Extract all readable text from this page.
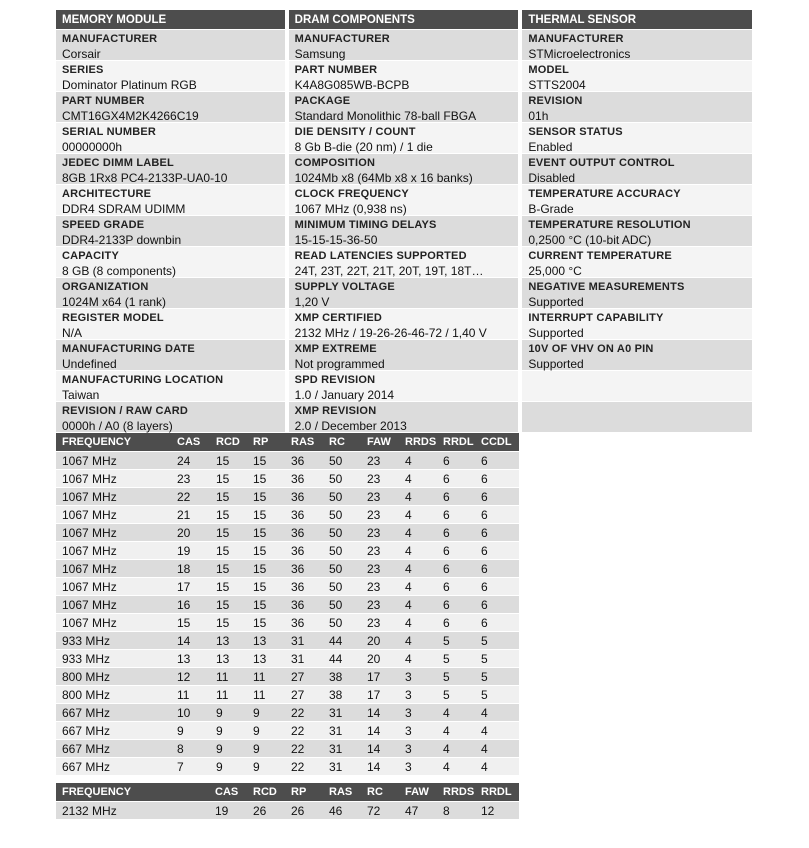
MEMORY MODULE
MANUFACTURER
Corsair
SERIES
Dominator Platinum RGB
PART NUMBER
CMT16GX4M2K4266C19
SERIAL NUMBER
00000000h
JEDEC DIMM LABEL
8GB 1Rx8 PC4-2133P-UA0-10
ARCHITECTURE
DDR4 SDRAM UDIMM
SPEED GRADE
DDR4-2133P downbin
CAPACITY
8 GB (8 components)
ORGANIZATION
1024M x64 (1 rank)
REGISTER MODEL
N/A
MANUFACTURING DATE
Undefined
MANUFACTURING LOCATION
Taiwan
REVISION / RAW CARD
0000h / A0 (8 layers)
DRAM COMPONENTS
MANUFACTURER
Samsung
PART NUMBER
K4A8G085WB-BCPB
PACKAGE
Standard Monolithic 78-ball FBGA
DIE DENSITY / COUNT
8 Gb B-die (20 nm) / 1 die
COMPOSITION
1024Mb x8 (64Mb x8 x 16 banks)
CLOCK FREQUENCY
1067 MHz (0,938 ns)
MINIMUM TIMING DELAYS
15-15-15-36-50
READ LATENCIES SUPPORTED
24T, 23T, 22T, 21T, 20T, 19T, 18T…
SUPPLY VOLTAGE
1,20 V
XMP CERTIFIED
2132 MHz / 19-26-26-46-72 / 1,40 V
XMP EXTREME
Not programmed
SPD REVISION
1.0 / January 2014
XMP REVISION
2.0 / December 2013
THERMAL SENSOR
MANUFACTURER
STMicroelectronics
MODEL
STTS2004
REVISION
01h
SENSOR STATUS
Enabled
EVENT OUTPUT CONTROL
Disabled
TEMPERATURE ACCURACY
B-Grade
TEMPERATURE RESOLUTION
0,2500 °C (10-bit ADC)
CURRENT TEMPERATURE
25,000 °C
NEGATIVE MEASUREMENTS
Supported
INTERRUPT CAPABILITY
Supported
10V OF VHV ON A0 PIN
Supported
FREQUENCY	CAS	RCD	RP	RAS	RC	FAW	RRDS	RRDL	CCDL
1067 MHz	24	15	15	36	50	23	4	6	6
1067 MHz	23	15	15	36	50	23	4	6	6
1067 MHz	22	15	15	36	50	23	4	6	6
1067 MHz	21	15	15	36	50	23	4	6	6
1067 MHz	20	15	15	36	50	23	4	6	6
1067 MHz	19	15	15	36	50	23	4	6	6
1067 MHz	18	15	15	36	50	23	4	6	6
1067 MHz	17	15	15	36	50	23	4	6	6
1067 MHz	16	15	15	36	50	23	4	6	6
1067 MHz	15	15	15	36	50	23	4	6	6
933 MHz	14	13	13	31	44	20	4	5	5
933 MHz	13	13	13	31	44	20	4	5	5
800 MHz	12	11	11	27	38	17	3	5	5
800 MHz	11	11	11	27	38	17	3	5	5
667 MHz	10	9	9	22	31	14	3	4	4
667 MHz	9	9	9	22	31	14	3	4	4
667 MHz	8	9	9	22	31	14	3	4	4
667 MHz	7	9	9	22	31	14	3	4	4
FREQUENCY	CAS	RCD	RP	RAS	RC	FAW	RRDS	RRDL
2132 MHz	19	26	26	46	72	47	8	12
